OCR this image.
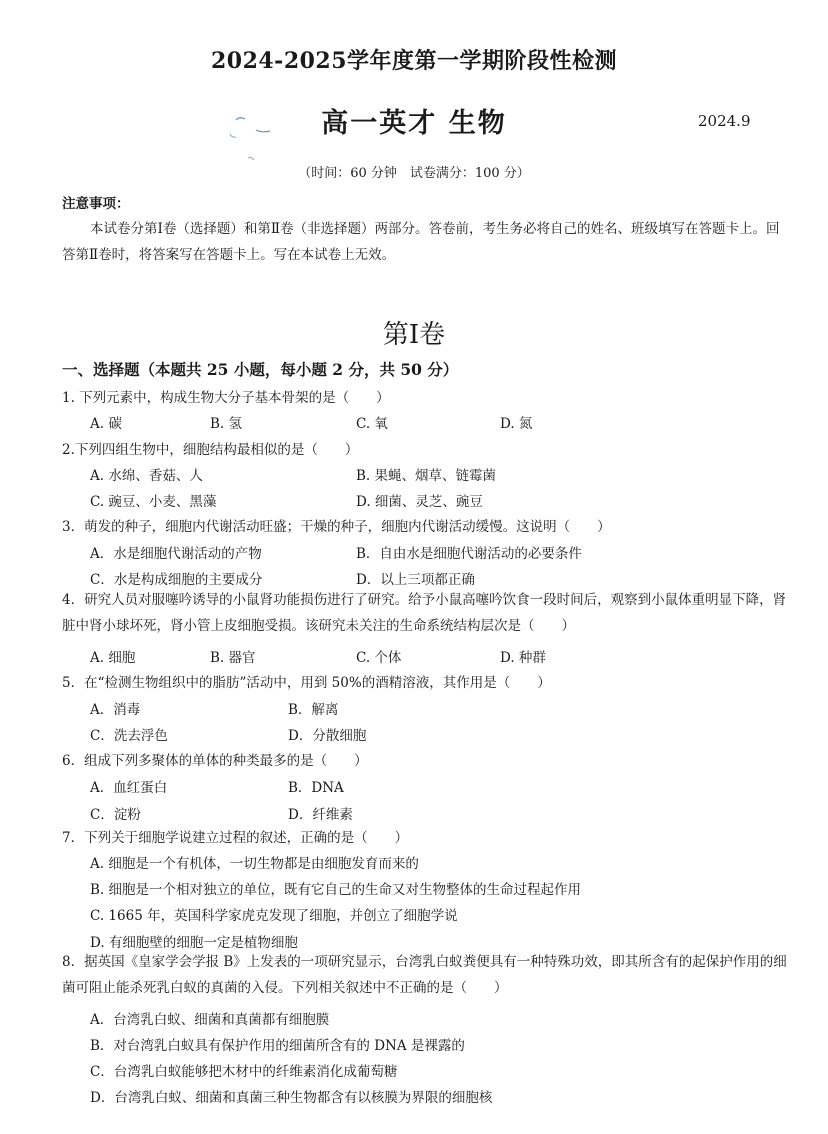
2024-2025学年度第一学期阶段性检测
高一英才 生物	2024.9
（时间：60 分钟　试卷满分：100 分）
注意事项：
本试卷分第Ⅰ卷（选择题）和第Ⅱ卷（非选择题）两部分。答卷前，考生务必将自己的姓名、班级填写在答题卡上。回答第Ⅱ卷时，将答案写在答题卡上。写在本试卷上无效。
第Ⅰ卷
一、选择题（本题共 25 小题，每小题 2 分，共 50 分）
1. 下列元素中，构成生物大分子基本骨架的是（　　）
A. 碳	B. 氢	C. 氧	D. 氮
2.下列四组生物中，细胞结构最相似的是（　　）
A. 水绵、香菇、人	B. 果蝇、烟草、链霉菌
C. 豌豆、小麦、黑藻	D. 细菌、灵芝、豌豆
3．萌发的种子，细胞内代谢活动旺盛；干燥的种子，细胞内代谢活动缓慢。这说明（　　）
A．水是细胞代谢活动的产物	B．自由水是细胞代谢活动的必要条件
C．水是构成细胞的主要成分	D．以上三项都正确
4．研究人员对服噻吟诱导的小鼠肾功能损伤进行了研究。给予小鼠高噻吟饮食一段时间后，观察到小鼠体重明显下降，肾脏中肾小球坏死，肾小管上皮细胞受损。该研究未关注的生命系统结构层次是（　　）
A. 细胞	B. 器官	C. 个体	D. 种群
5．在“检测生物组织中的脂肪”活动中，用到 50%的酒精溶液，其作用是（　　）
A．消毒	B．解离
C．洗去浮色	D．分散细胞
6．组成下列多聚体的单体的种类最多的是（　　）
A．血红蛋白	B．DNA
C．淀粉	D．纤维素
7．下列关于细胞学说建立过程的叙述，正确的是（　　）
A. 细胞是一个有机体，一切生物都是由细胞发育而来的
B. 细胞是一个相对独立的单位，既有它自己的生命又对生物整体的生命过程起作用
C. 1665 年，英国科学家虎克发现了细胞，并创立了细胞学说
D. 有细胞壁的细胞一定是植物细胞
8．据英国《皇家学会学报 B》上发表的一项研究显示，台湾乳白蚁粪便具有一种特殊功效，即其所含有的起保护作用的细菌可阻止能杀死乳白蚁的真菌的入侵。下列相关叙述中不正确的是（　　）
A．台湾乳白蚁、细菌和真菌都有细胞膜
B．对台湾乳白蚁具有保护作用的细菌所含有的 DNA 是裸露的
C．台湾乳白蚁能够把木材中的纤维素消化成葡萄糖
D．台湾乳白蚁、细菌和真菌三种生物都含有以核膜为界限的细胞核
